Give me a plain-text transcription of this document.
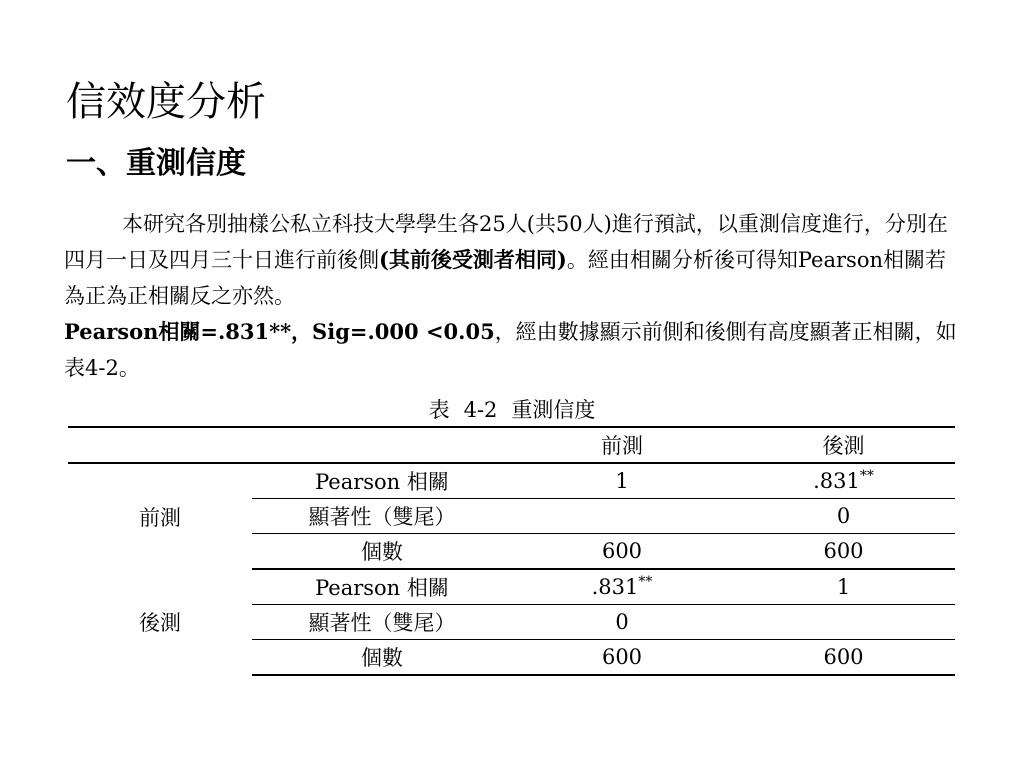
信效度分析
一、重測信度

本研究各別抽樣公私立科技大學學生各25人(共50人)進行預試，以重測信度進行，分別在四月一日及四月三十日進行前後側(其前後受測者相同)。經由相關分析後可得知Pearson相關若為正為正相關反之亦然。
Pearson相關=.831**，Sig=.000 <0.05，經由數據顯示前側和後側有高度顯著正相關，如表4-2。

表 4-2 重測信度
		前測	後測
前測	Pearson 相關	1	.831**
	顯著性（雙尾）		0
	個數	600	600
後測	Pearson 相關	.831**	1
	顯著性（雙尾）	0	
	個數	600	600
